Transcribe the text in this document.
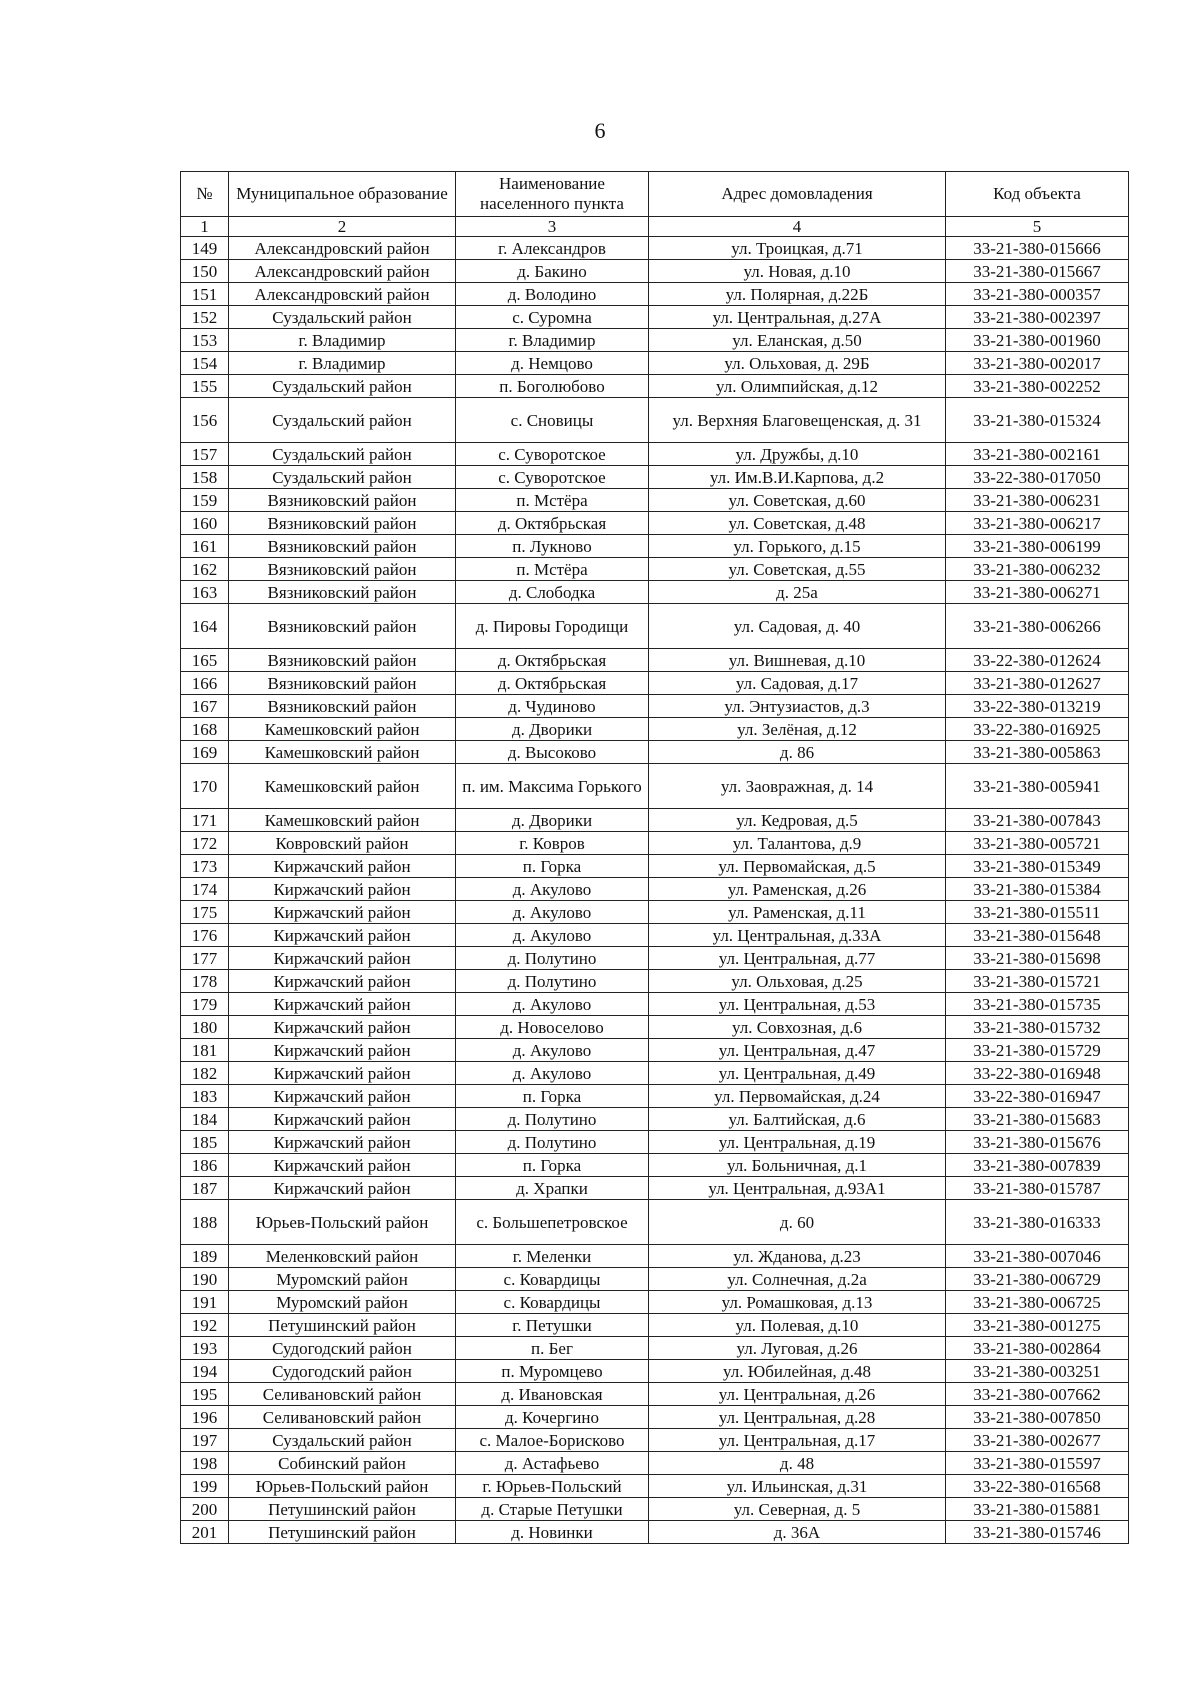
6
№	Муниципальное образование	Наименование населенного пункта	Адрес домовладения	Код объекта
1	2	3	4	5
149	Александровский район	г. Александров	ул. Троицкая, д.71	33-21-380-015666
150	Александровский район	д. Бакино	ул. Новая, д.10	33-21-380-015667
151	Александровский район	д. Володино	ул. Полярная, д.22Б	33-21-380-000357
152	Суздальский район	с. Суромна	ул. Центральная, д.27А	33-21-380-002397
153	г. Владимир	г. Владимир	ул. Еланская, д.50	33-21-380-001960
154	г. Владимир	д. Немцово	ул. Ольховая, д. 29Б	33-21-380-002017
155	Суздальский район	п. Боголюбово	ул. Олимпийская, д.12	33-21-380-002252
156	Суздальский район	с. Сновицы	ул. Верхняя Благовещенская, д. 31	33-21-380-015324
157	Суздальский район	с. Суворотское	ул. Дружбы, д.10	33-21-380-002161
158	Суздальский район	с. Суворотское	ул. Им.В.И.Карпова, д.2	33-22-380-017050
159	Вязниковский район	п. Мстёра	ул. Советская, д.60	33-21-380-006231
160	Вязниковский район	д. Октябрьская	ул. Советская, д.48	33-21-380-006217
161	Вязниковский район	п. Лукново	ул. Горького, д.15	33-21-380-006199
162	Вязниковский район	п. Мстёра	ул. Советская, д.55	33-21-380-006232
163	Вязниковский район	д. Слободка	д. 25а	33-21-380-006271
164	Вязниковский район	д. Пировы Городищи	ул. Садовая, д. 40	33-21-380-006266
165	Вязниковский район	д. Октябрьская	ул. Вишневая, д.10	33-22-380-012624
166	Вязниковский район	д. Октябрьская	ул. Садовая, д.17	33-21-380-012627
167	Вязниковский район	д. Чудиново	ул. Энтузиастов, д.3	33-22-380-013219
168	Камешковский район	д. Дворики	ул. Зелёная, д.12	33-22-380-016925
169	Камешковский район	д. Высоково	д. 86	33-21-380-005863
170	Камешковский район	п. им. Максима Горького	ул. Заовражная, д. 14	33-21-380-005941
171	Камешковский район	д. Дворики	ул. Кедровая, д.5	33-21-380-007843
172	Ковровский район	г. Ковров	ул. Талантова, д.9	33-21-380-005721
173	Киржачский район	п. Горка	ул. Первомайская, д.5	33-21-380-015349
174	Киржачский район	д. Акулово	ул. Раменская, д.26	33-21-380-015384
175	Киржачский район	д. Акулово	ул. Раменская, д.11	33-21-380-015511
176	Киржачский район	д. Акулово	ул. Центральная, д.33А	33-21-380-015648
177	Киржачский район	д. Полутино	ул. Центральная, д.77	33-21-380-015698
178	Киржачский район	д. Полутино	ул. Ольховая, д.25	33-21-380-015721
179	Киржачский район	д. Акулово	ул. Центральная, д.53	33-21-380-015735
180	Киржачский район	д. Новоселово	ул. Совхозная, д.6	33-21-380-015732
181	Киржачский район	д. Акулово	ул. Центральная, д.47	33-21-380-015729
182	Киржачский район	д. Акулово	ул. Центральная, д.49	33-22-380-016948
183	Киржачский район	п. Горка	ул. Первомайская, д.24	33-22-380-016947
184	Киржачский район	д. Полутино	ул. Балтийская, д.6	33-21-380-015683
185	Киржачский район	д. Полутино	ул. Центральная, д.19	33-21-380-015676
186	Киржачский район	п. Горка	ул. Больничная, д.1	33-21-380-007839
187	Киржачский район	д. Храпки	ул. Центральная, д.93А1	33-21-380-015787
188	Юрьев-Польский район	с. Большепетровское	д. 60	33-21-380-016333
189	Меленковский район	г. Меленки	ул. Жданова, д.23	33-21-380-007046
190	Муромский район	с. Ковардицы	ул. Солнечная, д.2а	33-21-380-006729
191	Муромский район	с. Ковардицы	ул. Ромашковая, д.13	33-21-380-006725
192	Петушинский район	г. Петушки	ул. Полевая, д.10	33-21-380-001275
193	Судогодский район	п. Бег	ул. Луговая, д.26	33-21-380-002864
194	Судогодский район	п. Муромцево	ул. Юбилейная, д.48	33-21-380-003251
195	Селивановский район	д. Ивановская	ул. Центральная, д.26	33-21-380-007662
196	Селивановский район	д. Кочергино	ул. Центральная, д.28	33-21-380-007850
197	Суздальский район	с. Малое-Борисково	ул. Центральная, д.17	33-21-380-002677
198	Собинский район	д. Астафьево	д. 48	33-21-380-015597
199	Юрьев-Польский район	г. Юрьев-Польский	ул. Ильинская, д.31	33-22-380-016568
200	Петушинский район	д. Старые Петушки	ул. Северная, д. 5	33-21-380-015881
201	Петушинский район	д. Новинки	д. 36А	33-21-380-015746
